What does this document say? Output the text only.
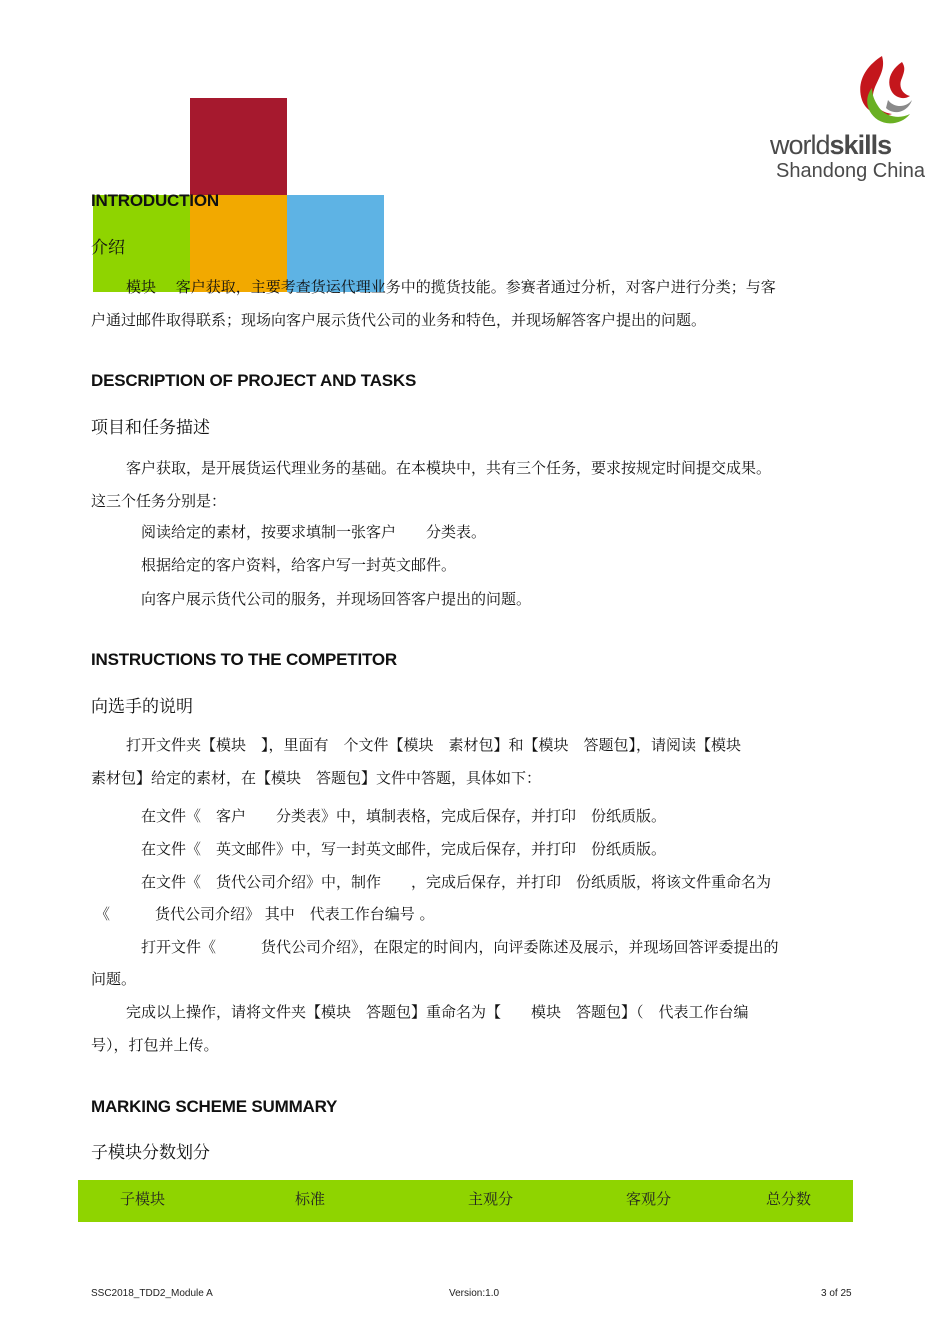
worldskills
Shandong China
INTRODUCTION
介绍
模块　 客户获取，主要考查货运代理业务中的揽货技能。参赛者通过分析，对客户进行分类；与客
户通过邮件取得联系；现场向客户展示货代公司的业务和特色，并现场解答客户提出的问题。
DESCRIPTION OF PROJECT AND TASKS
项目和任务描述
客户获取，是开展货运代理业务的基础。在本模块中，共有三个任务，要求按规定时间提交成果。
这三个任务分别是：
阅读给定的素材，按要求填制一张客户　　分类表。
根据给定的客户资料，给客户写一封英文邮件。
向客户展示货代公司的服务，并现场回答客户提出的问题。
INSTRUCTIONS TO THE COMPETITOR
向选手的说明
打开文件夹【模块　】，里面有　个文件【模块　素材包】和【模块　答题包】，请阅读【模块
素材包】给定的素材，在【模块　答题包】文件中答题，具体如下：
在文件《　客户　　分类表》中，填制表格，完成后保存，并打印　份纸质版。
在文件《　英文邮件》中，写一封英文邮件，完成后保存，并打印　份纸质版。
在文件《　货代公司介绍》中，制作　　，完成后保存，并打印　份纸质版，将该文件重命名为
《　　　货代公司介绍》 其中　代表工作台编号 。
打开文件《　　　货代公司介绍》，在限定的时间内，向评委陈述及展示，并现场回答评委提出的
问题。
完成以上操作，请将文件夹【模块　答题包】重命名为【　　模块　答题包】（　代表工作台编
号），打包并上传。
MARKING SCHEME SUMMARY
子模块分数划分
子模块	标准	主观分	客观分	总分数
SSC2018_TDD2_Module A	Version:1.0	3 of 25
